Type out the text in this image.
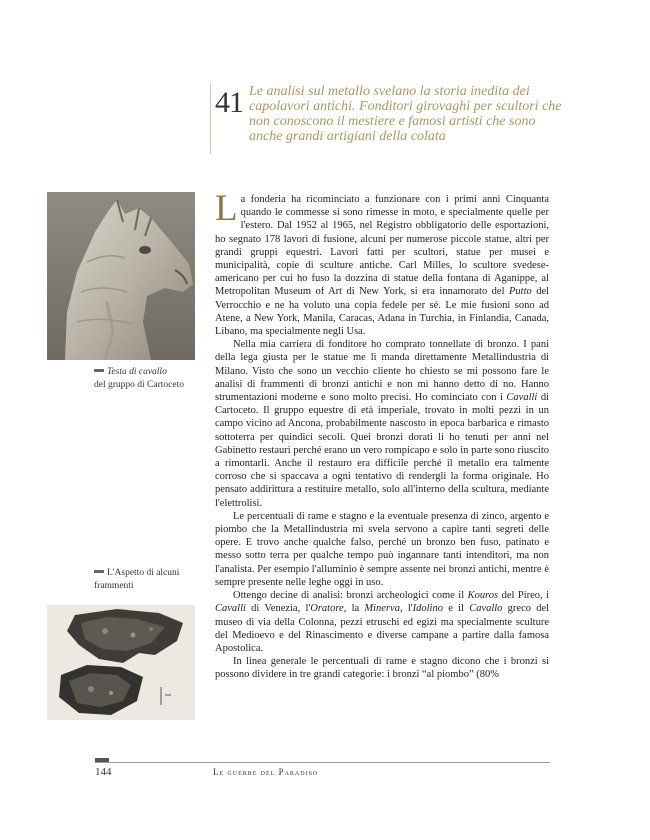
41 Le analisi sul metallo svelano la storia inedita dei capolavori antichi. Fonditori girovaghi per scultori che non conoscono il mestiere e famosi artisti che sono anche grandi artigiani della colata
Testa di cavallo
del gruppo di Cartoceto
L'Aspetto di alcuni frammenti

La fonderia ha ricominciato a funzionare con i primi anni Cinquanta quando le commesse si sono rimesse in moto, e specialmente quelle per l'estero. Dal 1952 al 1965, nel Registro obbligatorio delle esportazioni, ho segnato 178 lavori di fusione, alcuni per numerose piccole statue, altri per grandi gruppi equestri. Lavori fatti per scultori, statue per musei e municipalità, copie di sculture antiche. Carl Milles, lo scultore svedese-americano per cui ho fuso la dozzina di statue della fontana di Aganippe, al Metropolitan Museum of Art di New York, si era innamorato del Putto del Verrocchio e ne ha voluto una copia fedele per sé. Le mie fusioni sono ad Atene, a New York, Manila, Caracas, Adana in Turchia, in Finlandia, Canada, Libano, ma specialmente negli Usa.

Nella mia carriera di fonditore ho comprato tonnellate di bronzo. I pani della lega giusta per le statue me li manda direttamente Metallindustria di Milano. Visto che sono un vecchio cliente ho chiesto se mi possono fare le analisi di frammenti di bronzi antichi e non mi hanno detto di no. Hanno strumentazioni moderne e sono molto precisi. Ho cominciato con i Cavalli di Cartoceto. Il gruppo equestre di età imperiale, trovato in molti pezzi in un campo vicino ad Ancona, probabilmente nascosto in epoca barbarica e rimasto sottoterra per quindici secoli. Quei bronzi dorati li ho tenuti per anni nel Gabinetto restauri perché erano un vero rompicapo e solo in parte sono riuscito a rimontarli. Anche il restauro era difficile perché il metallo era talmente corroso che si spaccava a ogni tentativo di rendergli la forma originale. Ho pensato addirittura a restituire metallo, solo all'interno della scultura, mediante l'elettrolisi.

Le percentuali di rame e stagno e la eventuale presenza di zinco, argento e piombo che la Metallindustria mi svela servono a capire tanti segreti delle opere. E trovo anche qualche falso, perché un bronzo ben fuso, patinato e messo sotto terra per qualche tempo può ingannare tanti intenditori, ma non l'analista. Per esempio l'alluminio è sempre assente nei bronzi antichi, mentre è sempre presente nelle leghe oggi in uso.

Ottengo decine di analisi: bronzi archeologici come il Kouros del Pireo, i Cavalli di Venezia, l'Oratore, la Minerva, l'Idolino e il Cavallo greco del museo di via della Colonna, pezzi etruschi ed egizi ma specialmente sculture del Medioevo e del Rinascimento e diverse campane a partire dalla famosa Apostolica.

In linea generale le percentuali di rame e stagno dicono che i bronzi si possono dividere in tre grandi categorie: i bronzi “al piombo” (80%

144	Le guerre del Paradiso
